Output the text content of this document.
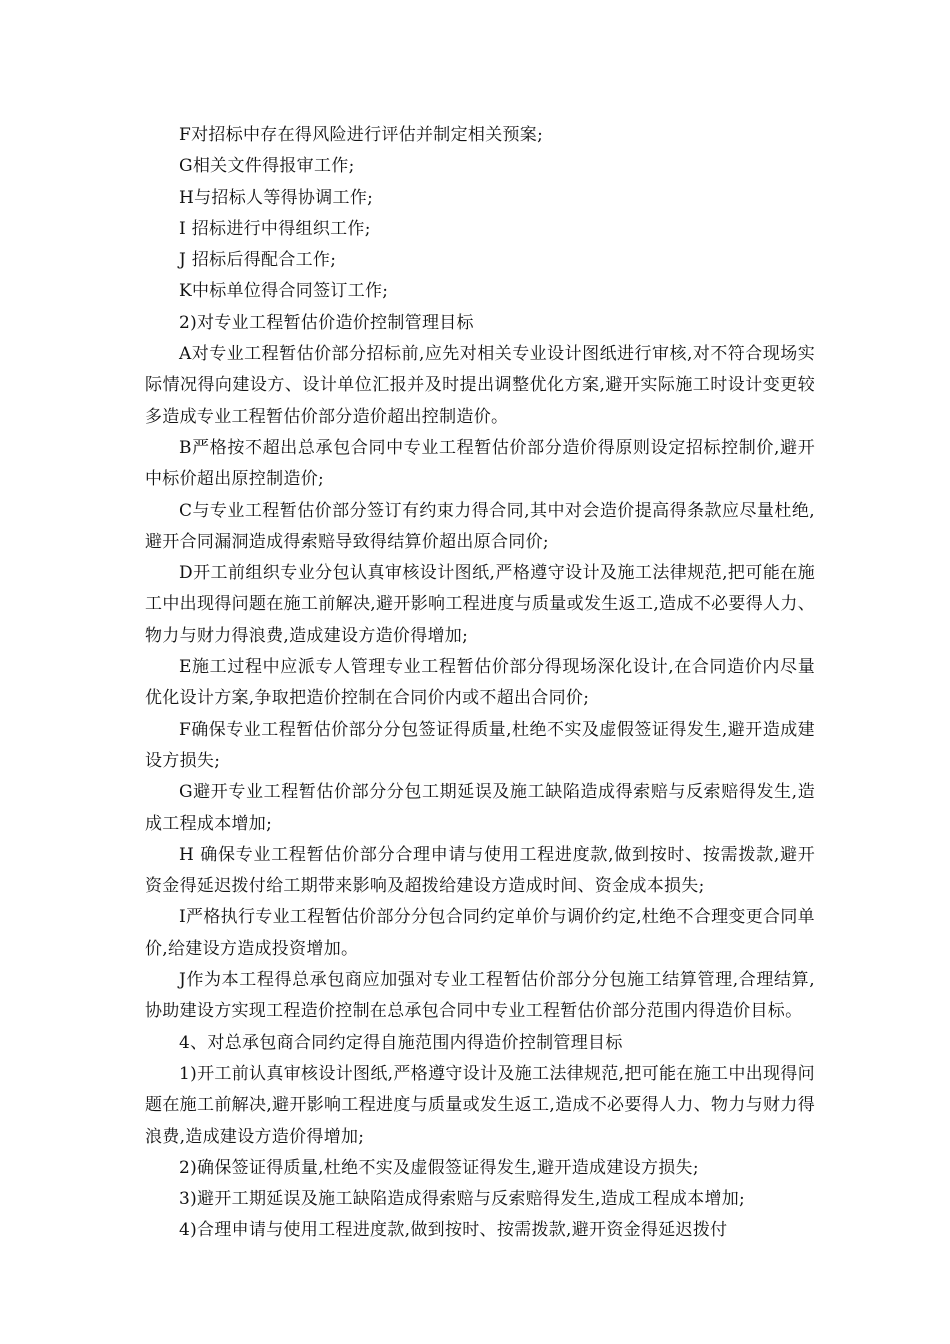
F对招标中存在得风险进行评估并制定相关预案;

G相关文件得报审工作;

H与招标人等得协调工作;

I 招标进行中得组织工作;

J 招标后得配合工作;

K中标单位得合同签订工作;

2)对专业工程暂估价造价控制管理目标

A对专业工程暂估价部分招标前,应先对相关专业设计图纸进行审核,对不符合现场实际情况得向建设方、设计单位汇报并及时提出调整优化方案,避开实际施工时设计变更较多造成专业工程暂估价部分造价超出控制造价。

B严格按不超出总承包合同中专业工程暂估价部分造价得原则设定招标控制价,避开中标价超出原控制造价;

C与专业工程暂估价部分签订有约束力得合同,其中对会造价提高得条款应尽量杜绝,避开合同漏洞造成得索赔导致得结算价超出原合同价;

D开工前组织专业分包认真审核设计图纸,严格遵守设计及施工法律规范,把可能在施工中出现得问题在施工前解决,避开影响工程进度与质量或发生返工,造成不必要得人力、物力与财力得浪费,造成建设方造价得增加;

E施工过程中应派专人管理专业工程暂估价部分得现场深化设计,在合同造价内尽量优化设计方案,争取把造价控制在合同价内或不超出合同价;

F确保专业工程暂估价部分分包签证得质量,杜绝不实及虚假签证得发生,避开造成建设方损失;

G避开专业工程暂估价部分分包工期延误及施工缺陷造成得索赔与反索赔得发生,造成工程成本增加;

H 确保专业工程暂估价部分合理申请与使用工程进度款,做到按时、按需拨款,避开资金得延迟拨付给工期带来影响及超拨给建设方造成时间、资金成本损失;

I严格执行专业工程暂估价部分分包合同约定单价与调价约定,杜绝不合理变更合同单价,给建设方造成投资增加。

J作为本工程得总承包商应加强对专业工程暂估价部分分包施工结算管理,合理结算,协助建设方实现工程造价控制在总承包合同中专业工程暂估价部分范围内得造价目标。

4、对总承包商合同约定得自施范围内得造价控制管理目标

1)开工前认真审核设计图纸,严格遵守设计及施工法律规范,把可能在施工中出现得问题在施工前解决,避开影响工程进度与质量或发生返工,造成不必要得人力、物力与财力得浪费,造成建设方造价得增加;

2)确保签证得质量,杜绝不实及虚假签证得发生,避开造成建设方损失;

3)避开工期延误及施工缺陷造成得索赔与反索赔得发生,造成工程成本增加;

4)合理申请与使用工程进度款,做到按时、按需拨款,避开资金得延迟拨付
